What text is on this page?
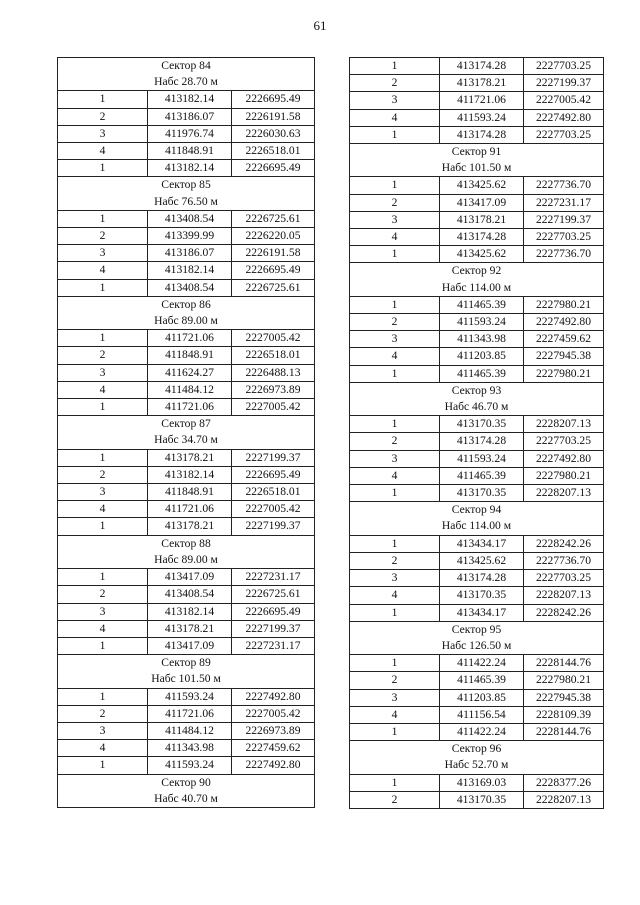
61
Сектор 84		
Набс 28.70 м		
1	413182.14	2226695.49
2	413186.07	2226191.58
3	411976.74	2226030.63
4	411848.91	2226518.01
1	413182.14	2226695.49
Сектор 85		
Набс 76.50 м		
1	413408.54	2226725.61
2	413399.99	2226220.05
3	413186.07	2226191.58
4	413182.14	2226695.49
1	413408.54	2226725.61
Сектор 86		
Набс 89.00 м		
1	411721.06	2227005.42
2	411848.91	2226518.01
3	411624.27	2226488.13
4	411484.12	2226973.89
1	411721.06	2227005.42
Сектор 87		
Набс 34.70 м		
1	413178.21	2227199.37
2	413182.14	2226695.49
3	411848.91	2226518.01
4	411721.06	2227005.42
1	413178.21	2227199.37
Сектор 88		
Набс 89.00 м		
1	413417.09	2227231.17
2	413408.54	2226725.61
3	413182.14	2226695.49
4	413178.21	2227199.37
1	413417.09	2227231.17
Сектор 89		
Набс 101.50 м		
1	411593.24	2227492.80
2	411721.06	2227005.42
3	411484.12	2226973.89
4	411343.98	2227459.62
1	411593.24	2227492.80
Сектор 90		
Набс 40.70 м		
1	413174.28	2227703.25
2	413178.21	2227199.37
3	411721.06	2227005.42
4	411593.24	2227492.80
1	413174.28	2227703.25
Сектор 91		
Набс 101.50 м		
1	413425.62	2227736.70
2	413417.09	2227231.17
3	413178.21	2227199.37
4	413174.28	2227703.25
1	413425.62	2227736.70
Сектор 92		
Набс 114.00 м		
1	411465.39	2227980.21
2	411593.24	2227492.80
3	411343.98	2227459.62
4	411203.85	2227945.38
1	411465.39	2227980.21
Сектор 93		
Набс 46.70 м		
1	413170.35	2228207.13
2	413174.28	2227703.25
3	411593.24	2227492.80
4	411465.39	2227980.21
1	413170.35	2228207.13
Сектор 94		
Набс 114.00 м		
1	413434.17	2228242.26
2	413425.62	2227736.70
3	413174.28	2227703.25
4	413170.35	2228207.13
1	413434.17	2228242.26
Сектор 95		
Набс 126.50 м		
1	411422.24	2228144.76
2	411465.39	2227980.21
3	411203.85	2227945.38
4	411156.54	2228109.39
1	411422.24	2228144.76
Сектор 96		
Набс 52.70 м		
1	413169.03	2228377.26
2	413170.35	2228207.13
